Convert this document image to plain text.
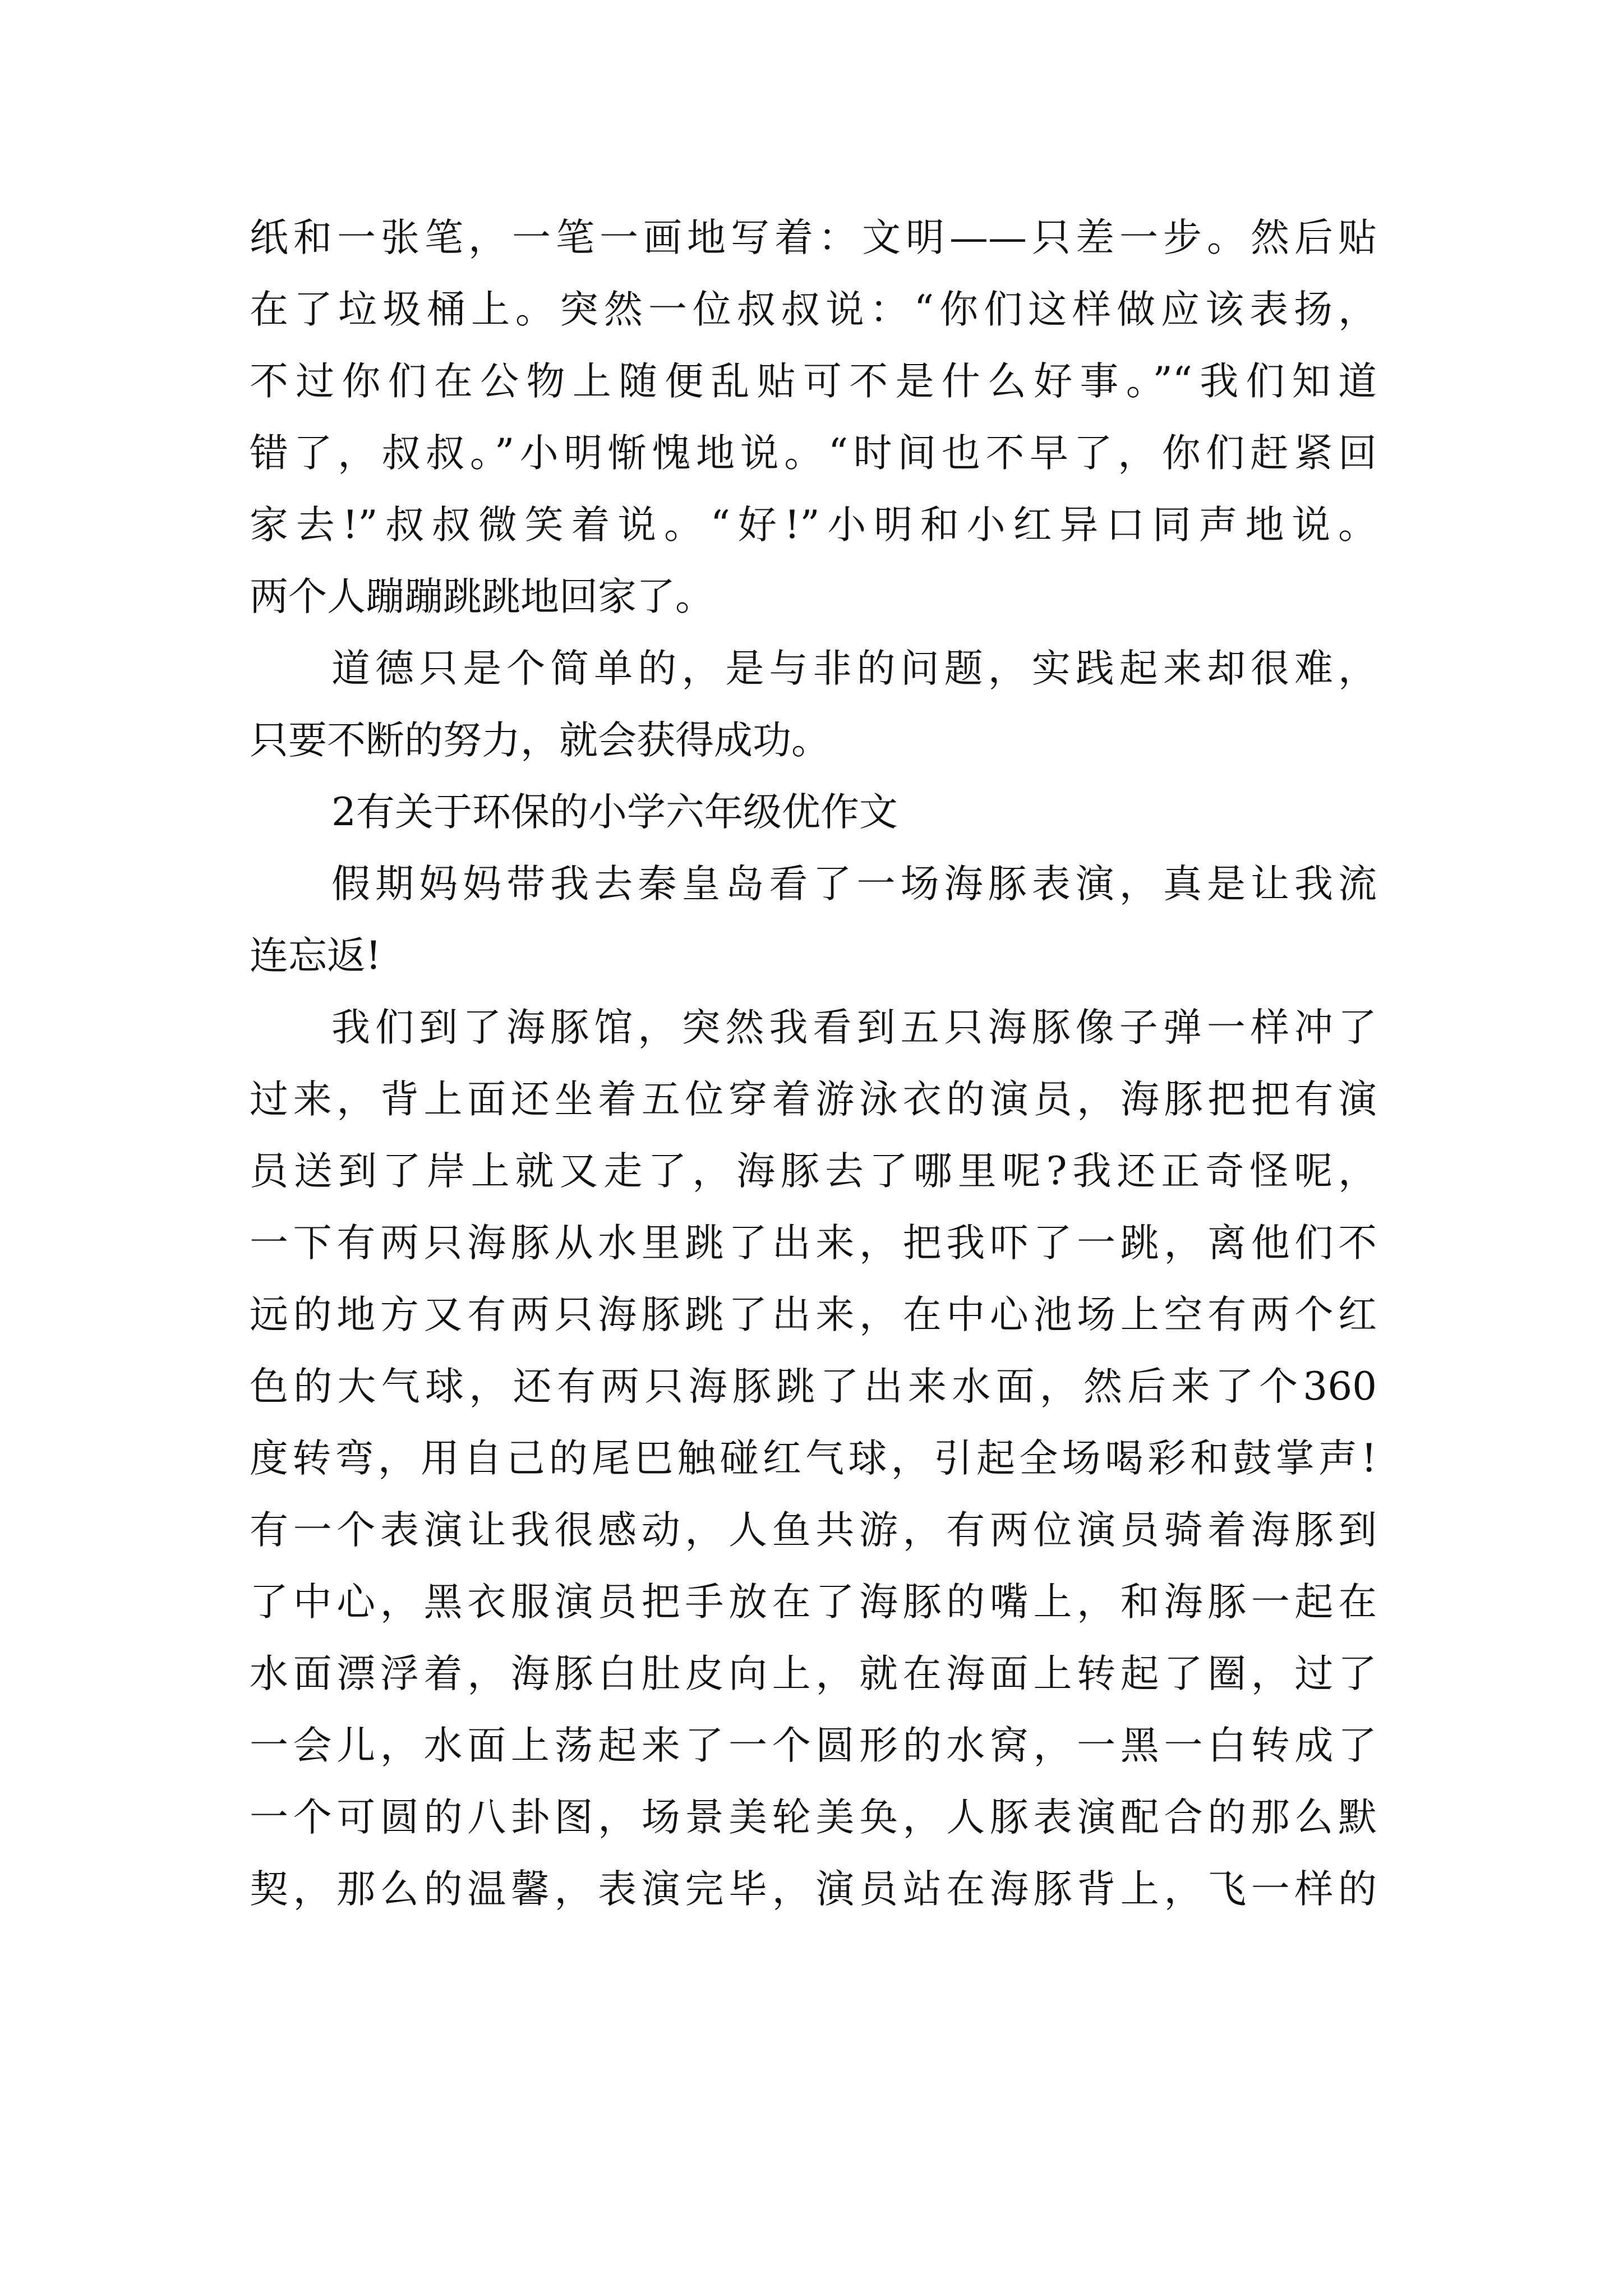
纸和一张笔，一笔一画地写着：文明——只差一步。然后贴
在了垃圾桶上。突然一位叔叔说：“你们这样做应该表扬，
不过你们在公物上随便乱贴可不是什么好事。”“我们知道
错了，叔叔。”小明惭愧地说。“时间也不早了，你们赶紧回
家去!”叔叔微笑着说。“好!”小明和小红异口同声地说。
两个人蹦蹦跳跳地回家了。
道德只是个简单的，是与非的问题，实践起来却很难，
只要不断的努力，就会获得成功。
2有关于环保的小学六年级优作文
假期妈妈带我去秦皇岛看了一场海豚表演，真是让我流
连忘返!
我们到了海豚馆，突然我看到五只海豚像子弹一样冲了
过来，背上面还坐着五位穿着游泳衣的演员，海豚把把有演
员送到了岸上就又走了，海豚去了哪里呢?我还正奇怪呢，
一下有两只海豚从水里跳了出来，把我吓了一跳，离他们不
远的地方又有两只海豚跳了出来，在中心池场上空有两个红
色的大气球，还有两只海豚跳了出来水面，然后来了个360
度转弯，用自己的尾巴触碰红气球，引起全场喝彩和鼓掌声!
有一个表演让我很感动，人鱼共游，有两位演员骑着海豚到
了中心，黑衣服演员把手放在了海豚的嘴上，和海豚一起在
水面漂浮着，海豚白肚皮向上，就在海面上转起了圈，过了
一会儿，水面上荡起来了一个圆形的水窝，一黑一白转成了
一个可圆的八卦图，场景美轮美奂，人豚表演配合的那么默
契，那么的温馨，表演完毕，演员站在海豚背上，飞一样的
